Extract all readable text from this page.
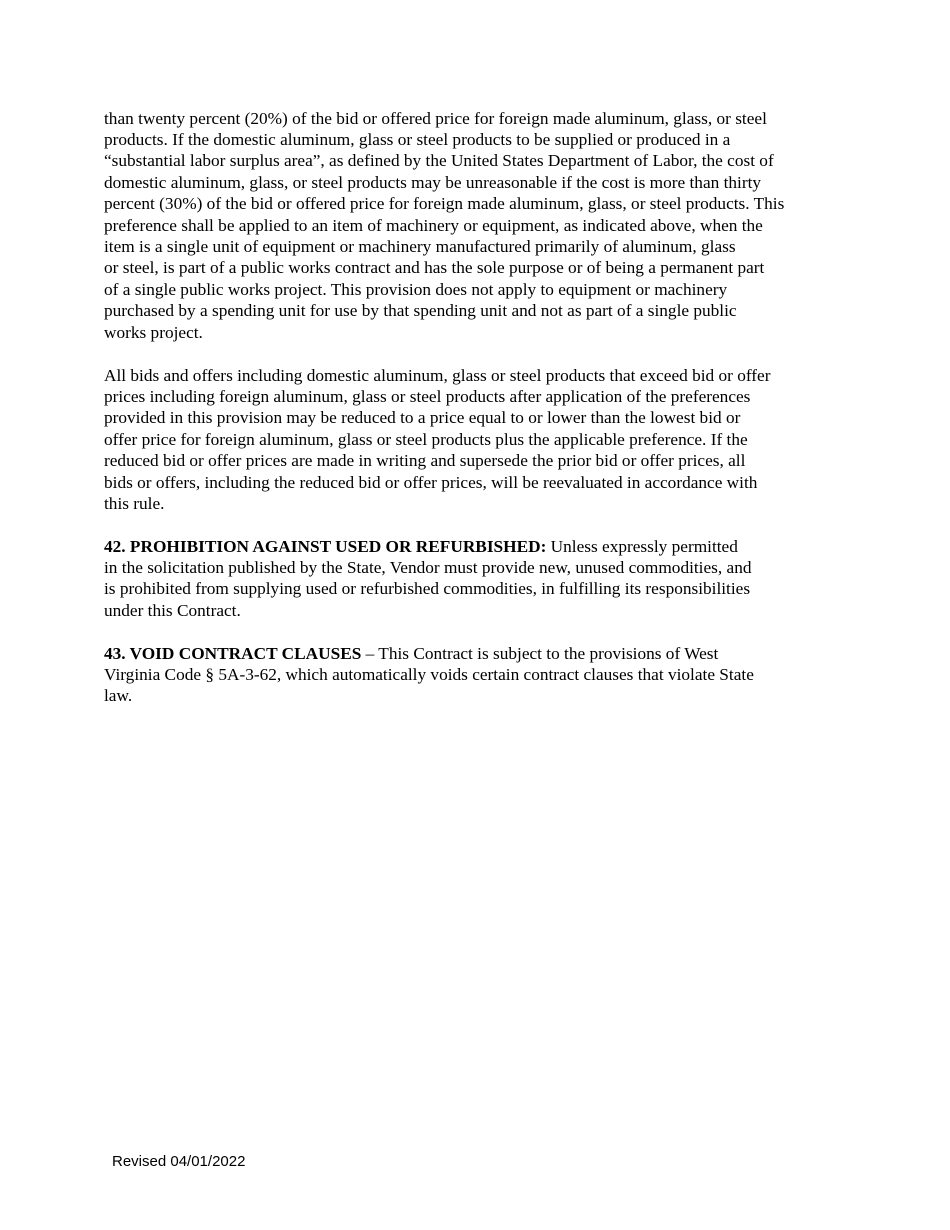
than twenty percent (20%) of the bid or offered price for foreign made aluminum, glass, or steel

products. If the domestic aluminum, glass or steel products to be supplied or produced in a

“substantial labor surplus area”, as defined by the United States Department of Labor, the cost of

domestic aluminum, glass, or steel products may be unreasonable if the cost is more than thirty

percent (30%) of the bid or offered price for foreign made aluminum, glass, or steel products. This

preference shall be applied to an item of machinery or equipment, as indicated above, when the

item is a single unit of equipment or machinery manufactured primarily of aluminum, glass

or steel, is part of a public works contract and has the sole purpose or of being a permanent part

of a single public works project. This provision does not apply to equipment or machinery

purchased by a spending unit for use by that spending unit and not as part of a single public

works project.

All bids and offers including domestic aluminum, glass or steel products that exceed bid or offer

prices including foreign aluminum, glass or steel products after application of the preferences

provided in this provision may be reduced to a price equal to or lower than the lowest bid or

offer price for foreign aluminum, glass or steel products plus the applicable preference. If the

reduced bid or offer prices are made in writing and supersede the prior bid or offer prices, all

bids or offers, including the reduced bid or offer prices, will be reevaluated in accordance with

this rule.

42. PROHIBITION AGAINST USED OR REFURBISHED: Unless expressly permitted

in the solicitation published by the State, Vendor must provide new, unused commodities, and

is prohibited from supplying used or refurbished commodities, in fulfilling its responsibilities

under this Contract.

43. VOID CONTRACT CLAUSES – This Contract is subject to the provisions of West

Virginia Code § 5A-3-62, which automatically voids certain contract clauses that violate State

law.

Revised 04/01/2022
